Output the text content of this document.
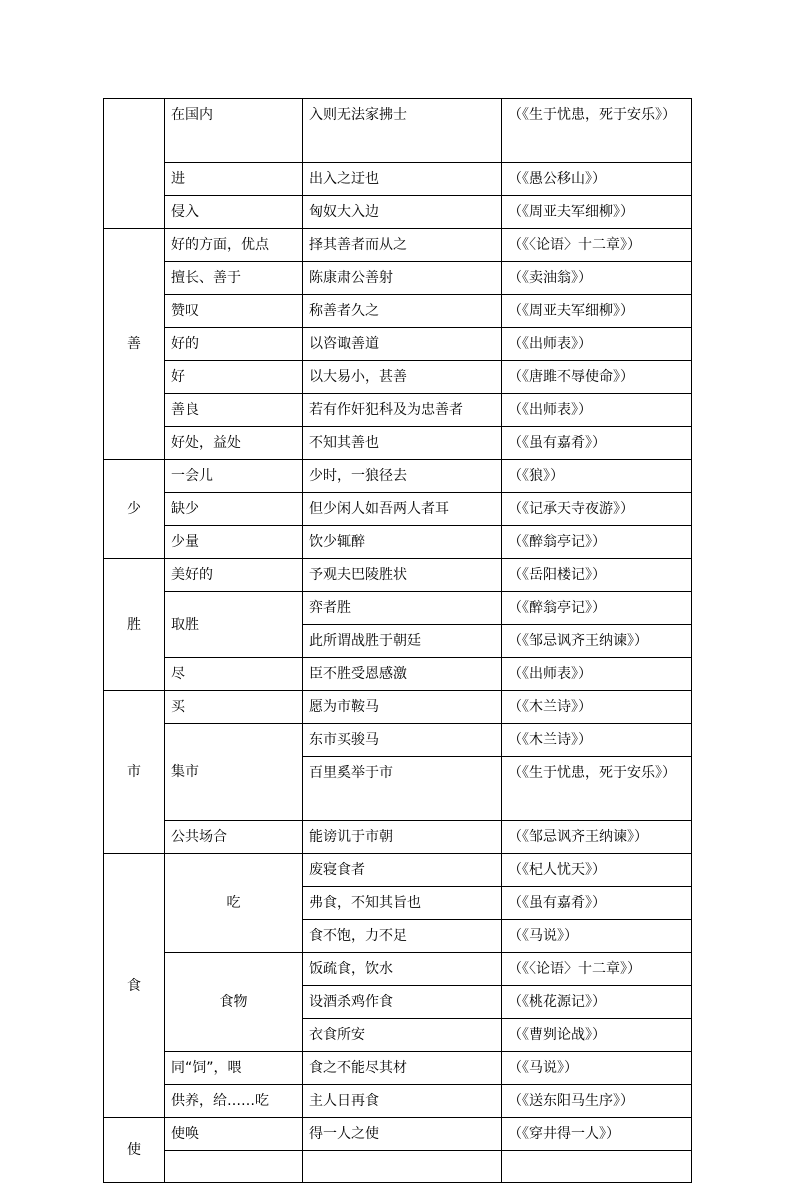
	在国内	入则无法家拂士	（《生于忧患，死于安乐》）
	进	出入之迂也	（《愚公移山》）
	侵入	匈奴大入边	（《周亚夫军细柳》）
善	好的方面，优点	择其善者而从之	（《〈论语〉十二章》）
	擅长、善于	陈康肃公善射	（《卖油翁》）
	赞叹	称善者久之	（《周亚夫军细柳》）
	好的	以咨诹善道	（《出师表》）
	好	以大易小，甚善	（《唐雎不辱使命》）
	善良	若有作奸犯科及为忠善者	（《出师表》）
	好处，益处	不知其善也	（《虽有嘉肴》）
少	一会儿	少时，一狼径去	（《狼》）
	缺少	但少闲人如吾两人者耳	（《记承天寺夜游》）
	少量	饮少辄醉	（《醉翁亭记》）
胜	美好的	予观夫巴陵胜状	（《岳阳楼记》）
	取胜	弈者胜	（《醉翁亭记》）
		此所谓战胜于朝廷	（《邹忌讽齐王纳谏》）
	尽	臣不胜受恩感激	（《出师表》）
市	买	愿为市鞍马	（《木兰诗》）
	集市	东市买骏马	（《木兰诗》）
		百里奚举于市	（《生于忧患，死于安乐》）
	公共场合	能谤讥于市朝	（《邹忌讽齐王纳谏》）
食	吃	废寝食者	（《杞人忧天》）
		弗食，不知其旨也	（《虽有嘉肴》）
		食不饱，力不足	（《马说》）
	食物	饭疏食，饮水	（《〈论语〉十二章》）
		设酒杀鸡作食	（《桃花源记》）
		衣食所安	（《曹刿论战》）
	同“饲”，喂	食之不能尽其材	（《马说》）
	供养，给……吃	主人日再食	（《送东阳马生序》）
使	使唤	得一人之使	（《穿井得一人》）
